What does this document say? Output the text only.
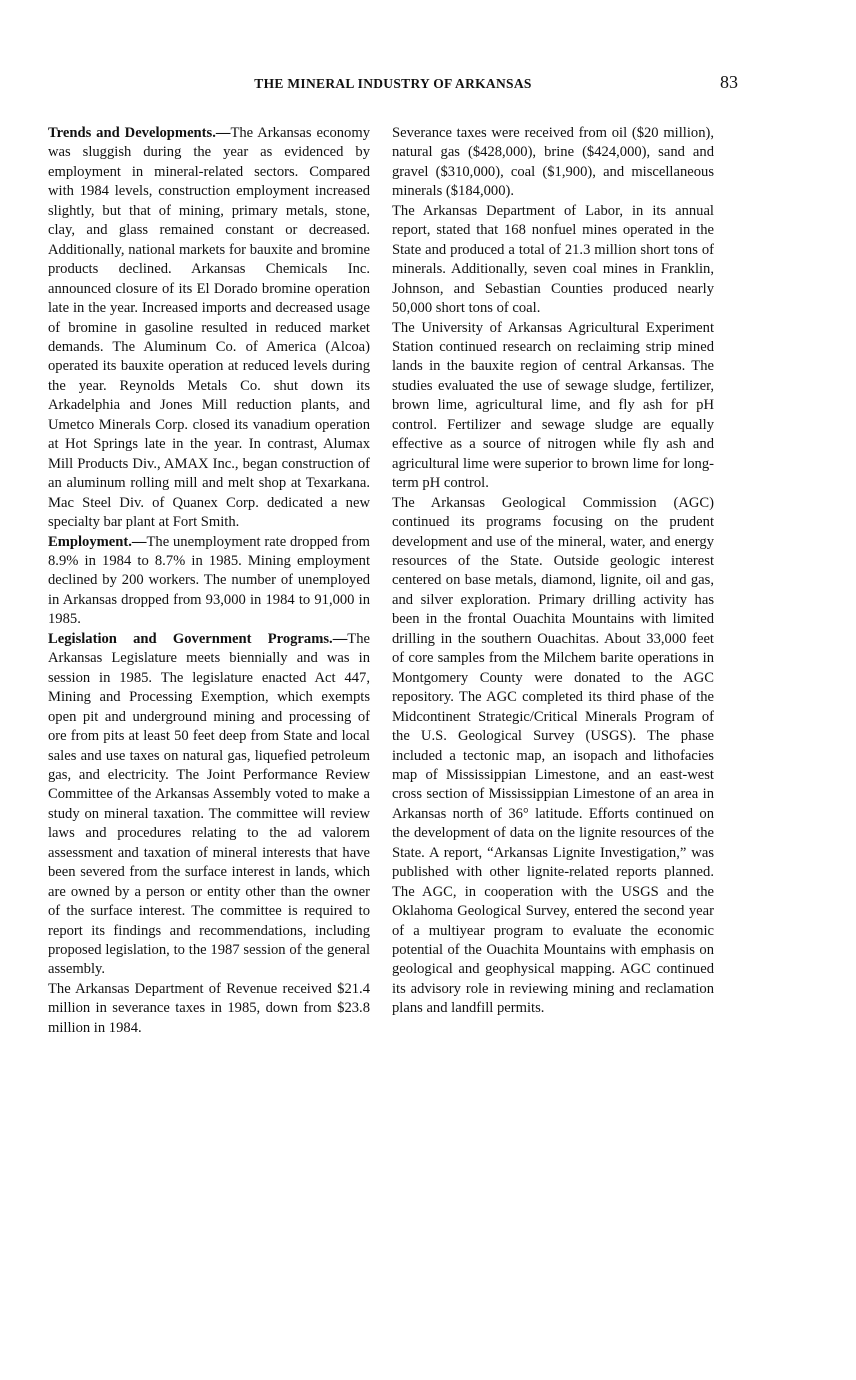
THE MINERAL INDUSTRY OF ARKANSAS	83

Trends and Developments.—The Arkansas economy was sluggish during the year as evidenced by employment in mineral-related sectors. Compared with 1984 levels, construction employment increased slightly, but that of mining, primary metals, stone, clay, and glass remained constant or decreased. Additionally, national markets for bauxite and bromine products declined. Arkansas Chemicals Inc. announced closure of its El Dorado bromine operation late in the year. Increased imports and decreased usage of bromine in gasoline resulted in reduced market demands. The Aluminum Co. of America (Alcoa) operated its bauxite operation at reduced levels during the year. Reynolds Metals Co. shut down its Arkadelphia and Jones Mill reduction plants, and Umetco Minerals Corp. closed its vanadium operation at Hot Springs late in the year. In contrast, Alumax Mill Products Div., AMAX Inc., began construction of an aluminum rolling mill and melt shop at Texarkana. Mac Steel Div. of Quanex Corp. dedicated a new specialty bar plant at Fort Smith.

Employment.—The unemployment rate dropped from 8.9% in 1984 to 8.7% in 1985. Mining employment declined by 200 workers. The number of unemployed in Arkansas dropped from 93,000 in 1984 to 91,000 in 1985.

Legislation and Government Programs.—The Arkansas Legislature meets biennially and was in session in 1985. The legislature enacted Act 447, Mining and Processing Exemption, which exempts open pit and underground mining and processing of ore from pits at least 50 feet deep from State and local sales and use taxes on natural gas, liquefied petroleum gas, and electricity. The Joint Performance Review Committee of the Arkansas Assembly voted to make a study on mineral taxation. The committee will review laws and procedures relating to the ad valorem assessment and taxation of mineral interests that have been severed from the surface interest in lands, which are owned by a person or entity other than the owner of the surface interest. The committee is required to report its findings and recommendations, including proposed legislation, to the 1987 session of the general assembly.

The Arkansas Department of Revenue received $21.4 million in severance taxes in 1985, down from $23.8 million in 1984.

Severance taxes were received from oil ($20 million), natural gas ($428,000), brine ($424,000), sand and gravel ($310,000), coal ($1,900), and miscellaneous minerals ($184,000).

The Arkansas Department of Labor, in its annual report, stated that 168 nonfuel mines operated in the State and produced a total of 21.3 million short tons of minerals. Additionally, seven coal mines in Franklin, Johnson, and Sebastian Counties produced nearly 50,000 short tons of coal.

The University of Arkansas Agricultural Experiment Station continued research on reclaiming strip mined lands in the bauxite region of central Arkansas. The studies evaluated the use of sewage sludge, fertilizer, brown lime, agricultural lime, and fly ash for pH control. Fertilizer and sewage sludge are equally effective as a source of nitrogen while fly ash and agricultural lime were superior to brown lime for long-term pH control.

The Arkansas Geological Commission (AGC) continued its programs focusing on the prudent development and use of the mineral, water, and energy resources of the State. Outside geologic interest centered on base metals, diamond, lignite, oil and gas, and silver exploration. Primary drilling activity has been in the frontal Ouachita Mountains with limited drilling in the southern Ouachitas. About 33,000 feet of core samples from the Milchem barite operations in Montgomery County were donated to the AGC repository. The AGC completed its third phase of the Midcontinent Strategic/Critical Minerals Program of the U.S. Geological Survey (USGS). The phase included a tectonic map, an isopach and lithofacies map of Mississippian Limestone, and an east-west cross section of Mississippian Limestone of an area in Arkansas north of 36° latitude. Efforts continued on the development of data on the lignite resources of the State. A report, “Arkansas Lignite Investigation,” was published with other lignite-related reports planned. The AGC, in cooperation with the USGS and the Oklahoma Geological Survey, entered the second year of a multiyear program to evaluate the economic potential of the Ouachita Mountains with emphasis on geological and geophysical mapping. AGC continued its advisory role in reviewing mining and reclamation plans and landfill permits.
